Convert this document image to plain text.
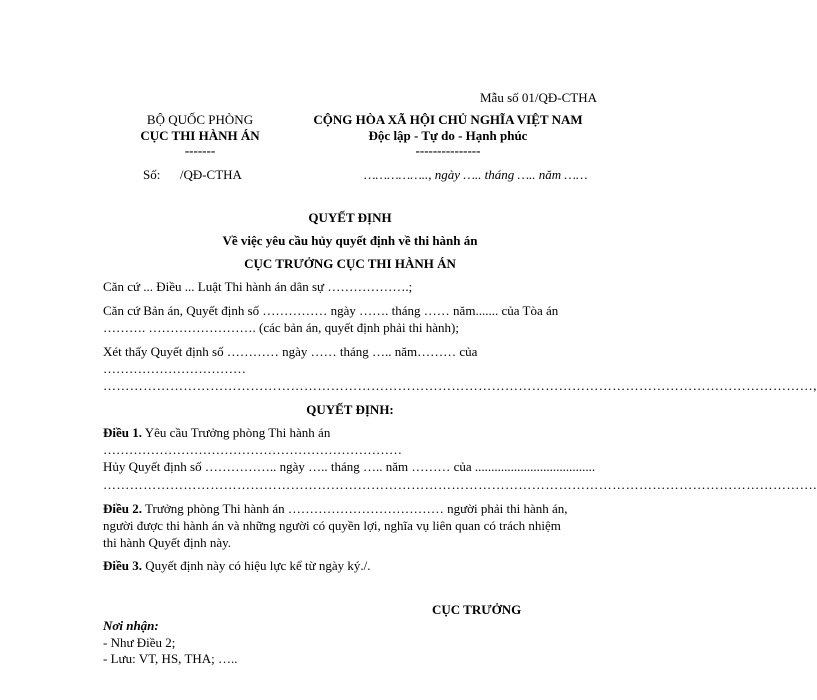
Mẫu số 01/QĐ-CTHA
BỘ QUỐC PHÒNG
CỤC THI HÀNH ÁN
-------
Số:      /QĐ-CTHA
CỘNG HÒA XÃ HỘI CHỦ NGHĨA VIỆT NAM
Độc lập - Tự do - Hạnh phúc
---------------
…………….., ngày ….. tháng ….. năm ……
QUYẾT ĐỊNH
Về việc yêu cầu hủy quyết định về thi hành án
CỤC TRƯỞNG CỤC THI HÀNH ÁN
Căn cứ ... Điều ... Luật Thi hành án dân sự ……………….;
Căn cứ Bản án, Quyết định số …………… ngày ……. tháng …… năm....... của Tòa án
………. ……………………. (các bản án, quyết định phải thi hành);
Xét thấy Quyết định số ………… ngày …… tháng ….. năm……… của
……………………………
……………………………………………………………………………………………………………………………………………,
QUYẾT ĐỊNH:
Điều 1. Yêu cầu Trưởng phòng Thi hành án
……………………………………………………………
Hủy Quyết định số …………….. ngày ….. tháng ….. năm ……… của .....................................
…………………………………………………………………………………………………………………………………………….
Điều 2. Trưởng phòng Thi hành án ……………………………… người phải thi hành án,
người được thi hành án và những người có quyền lợi, nghĩa vụ liên quan có trách nhiệm
thi hành Quyết định này.
Điều 3. Quyết định này có hiệu lực kể từ ngày ký./.
CỤC TRƯỞNG
Nơi nhận:
- Như Điều 2;
- Lưu: VT, HS, THA; …..
